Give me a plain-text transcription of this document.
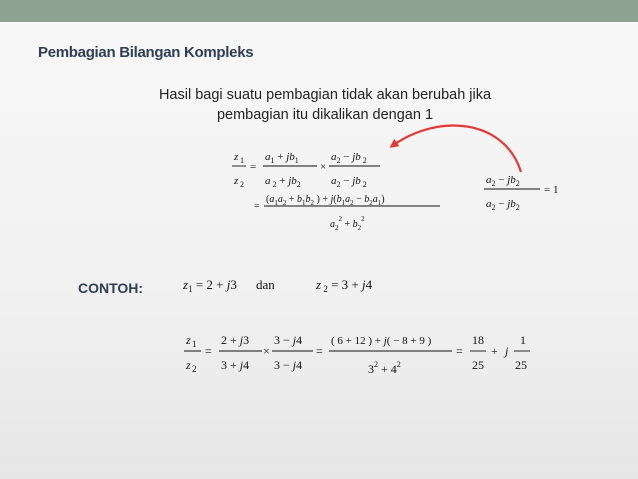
Pembagian Bilangan Kompleks
Hasil bagi suatu pembagian tidak akan berubah jika
pembagian itu dikalikan dengan 1
CONTOH:
z 1
z 2
=
$a_1 + jb_1$
a $_2 + jb_2$
×
$a_2$ − jb $_2$
$a_2$ − jb $_2$
=
($a_1a_2 + b_1b_2$ ) + $j(b_1a_2 - b_2a_1)$
$a_2^2 + b_2^2$
$a_2 - jb_2$
$a_2 - jb_2$
= 1
$z_1 = 2 + j3$ dan	z $_2$ = 3 + j4
z 1
z 2
=
2 + j3
3 + j4
×
3 − j4
3 − j4
=
( 6 + 12 ) + j( − 8 + 9 )
$3^2 + 4^2$
=
18
25
+ j
1
25
